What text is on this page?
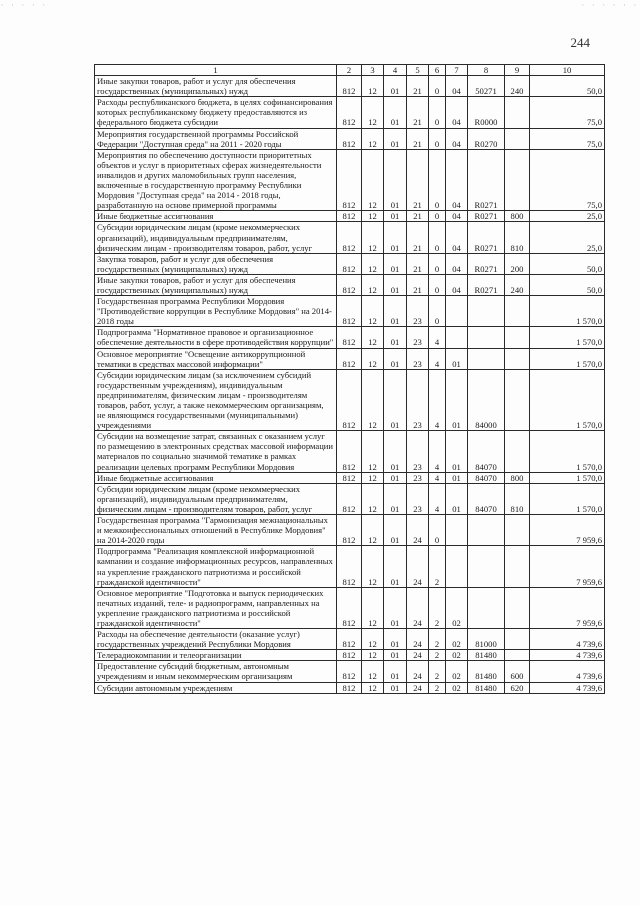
· · · · ·	· · · · · ·
244
1	2	3	4	5	6	7	8	9	10
Иные закупки товаров, работ и услуг для обеспечения государственных (муниципальных) нужд	812	12	01	21	0	04	50271	240	50,0
Расходы республиканского бюджета, в целях софинансирования которых республиканскому бюджету предоставляются из федерального бюджета субсидии	812	12	01	21	0	04	R0000		75,0
Мероприятия государственной программы Российской Федерации "Доступная среда" на 2011 - 2020 годы	812	12	01	21	0	04	R0270		75,0
Мероприятия по обеспечению доступности приоритетных объектов и услуг в приоритетных сферах жизнедеятельности инвалидов и других маломобильных групп населения, включенные в государственную программу Республики Мордовия "Доступная среда" на 2014 - 2018 годы, разработанную на основе примерной программы	812	12	01	21	0	04	R0271		75,0
Иные бюджетные ассигнования	812	12	01	21	0	04	R0271	800	25,0
Субсидии юридическим лицам (кроме некоммерческих организаций), индивидуальным предпринимателям, физическим лицам - производителям товаров, работ, услуг	812	12	01	21	0	04	R0271	810	25,0
Закупка товаров, работ и услуг для обеспечения государственных (муниципальных) нужд	812	12	01	21	0	04	R0271	200	50,0
Иные закупки товаров, работ и услуг для обеспечения государственных (муниципальных) нужд	812	12	01	21	0	04	R0271	240	50,0
Государственная программа Республики Мордовия "Противодействие коррупции в Республике Мордовия" на 2014-2018 годы	812	12	01	23	0				1 570,0
Подпрограмма "Нормативное правовое и организационное обеспечение деятельности в сфере противодействия коррупции"	812	12	01	23	4				1 570,0
Основное мероприятие "Освещение антикоррупционной тематики в средствах массовой информации"	812	12	01	23	4	01			1 570,0
Субсидии юридическим лицам (за исключением субсидий государственным учреждениям), индивидуальным предпринимателям, физическим лицам - производителям товаров, работ, услуг, а также некоммерческим организациям, не являющимся государственными (муниципальными) учреждениями	812	12	01	23	4	01	84000		1 570,0
Субсидии на возмещение затрат, связанных с оказанием услуг по размещению в электронных средствах массовой информации материалов по социально значимой тематике в рамках реализации целевых программ Республики Мордовия	812	12	01	23	4	01	84070		1 570,0
Иные бюджетные ассигнования	812	12	01	23	4	01	84070	800	1 570,0
Субсидии юридическим лицам (кроме некоммерческих организаций), индивидуальным предпринимателям, физическим лицам - производителям товаров, работ, услуг	812	12	01	23	4	01	84070	810	1 570,0
Государственная программа "Гармонизация межнациональных и межконфессиональных отношений в Республике Мордовия" на 2014-2020 годы	812	12	01	24	0				7 959,6
Подпрограмма "Реализация комплексной информационной кампании и создание информационных ресурсов, направленных на укрепление гражданского патриотизма и российской гражданской идентичности"	812	12	01	24	2				7 959,6
Основное мероприятие "Подготовка и выпуск периодических печатных изданий, теле- и радиопрограмм, направленных на укрепление гражданского патриотизма и российской гражданской идентичности"	812	12	01	24	2	02			7 959,6
Расходы на обеспечение деятельности (оказание услуг) государственных учреждений Республики Мордовия	812	12	01	24	2	02	81000		4 739,6
Телерадиокомпании и телеорганизации	812	12	01	24	2	02	81480		4 739,6
Предоставление субсидий бюджетным, автономным учреждениям и иным некоммерческим организациям	812	12	01	24	2	02	81480	600	4 739,6
Субсидии автономным учреждениям	812	12	01	24	2	02	81480	620	4 739,6
